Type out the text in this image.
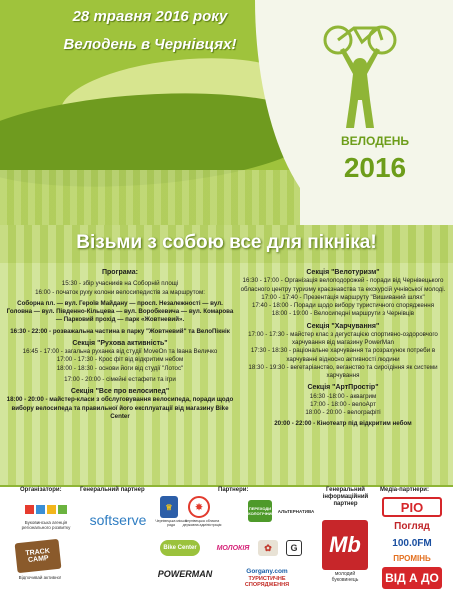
28 травня 2016 року
Велодень в Чернівцях!
ВЕЛОДЕНЬ
2016
Візьми з собою все для пікніка!

Програма:

15:30 - збір учасників на Соборній площі

16:00 - початок руху колони велосипедистів за маршрутом:

Соборна пл. — вул. Героїв Майдану — просп. Незалежності — вул. Головна — вул. Південно-Кільцева — вул. Воробкевича — вул. Комарова — Парковий прохід — парк «Жовтневий».

16:30 - 22:00 - розважальна частина в парку "Жовтневий" та ВелоПікнік

Секція "Рухова активність"

16:45 - 17:00 - загальна руханка від студії MoveOn та Івана Величко

17:00 - 17:30 - Крос фіт від відкритим небом

18:00 - 18:30 - основи йоги від студії "Лотос"

17:00 - 20:00 - сімейні естафети та ігри

Секція "Все про велосипед"

18:00 - 20:00 - майстер-класи з обслуговування велосипеда, поради щодо вибору велосипеда та правильної його експлуатації від магазину Bike Center

Секція "Велотуризм"

16:30 - 17:00 - Організація велоподорожей - поради від Чернівецького обласного центру туризму краєзнавства та екскурсій учнівської молоді.

17:00 - 17:40 - Презентація маршруту "Вишиваний шлях"

17:40 - 18:00 - Поради щодо вибору туристичного спорядження

18:00 - 19:00 - Велосипедні маршрути з Чернівців

Секція "Харчування"

17:00 - 17:30 - майстер клас з дегустацією спортивно-оздоровчого харчування від магазину PowerMan

17:30 - 18:30 - раціональне харчування та розрахунок потреби в харчуванні відносно активності людини

18:30 - 19:30 - вегетаріанство, веганство та сироїдіння як системи харчування

Секція "АртПростір"

16:30 -18:00 - аквагрим

17:00 - 18:00 - велоАрт

18:00 - 20:00 - велографіті

20:00 - 22:00 - Кінотеатр під відкритим небом

Організатори:	Генеральний партнер	Партнери:	Генеральний інформаційний партнер
Медіа-партнери:
Буковинська агенція регіонального розвитку
TRACK CAMP
Відпочивай активно!
softserve
♕
Чернівецька міська рада
✸
Чернівецька обласна державна адміністрація
ПЕРЕХОДИ ЕКОЛОГІЧНИЙ АЛЬТЕРНАТИВА
Bike Center	МОЛОКІЯ	✿	G
POWERMAN	Gorgany.com
ТУРИСТИЧНЕ СПОРЯДЖЕННЯ
Мb
молодий буковинець
РІО
Погляд
100.0FM
ПРОМІНЬ
ВІД А ДО
